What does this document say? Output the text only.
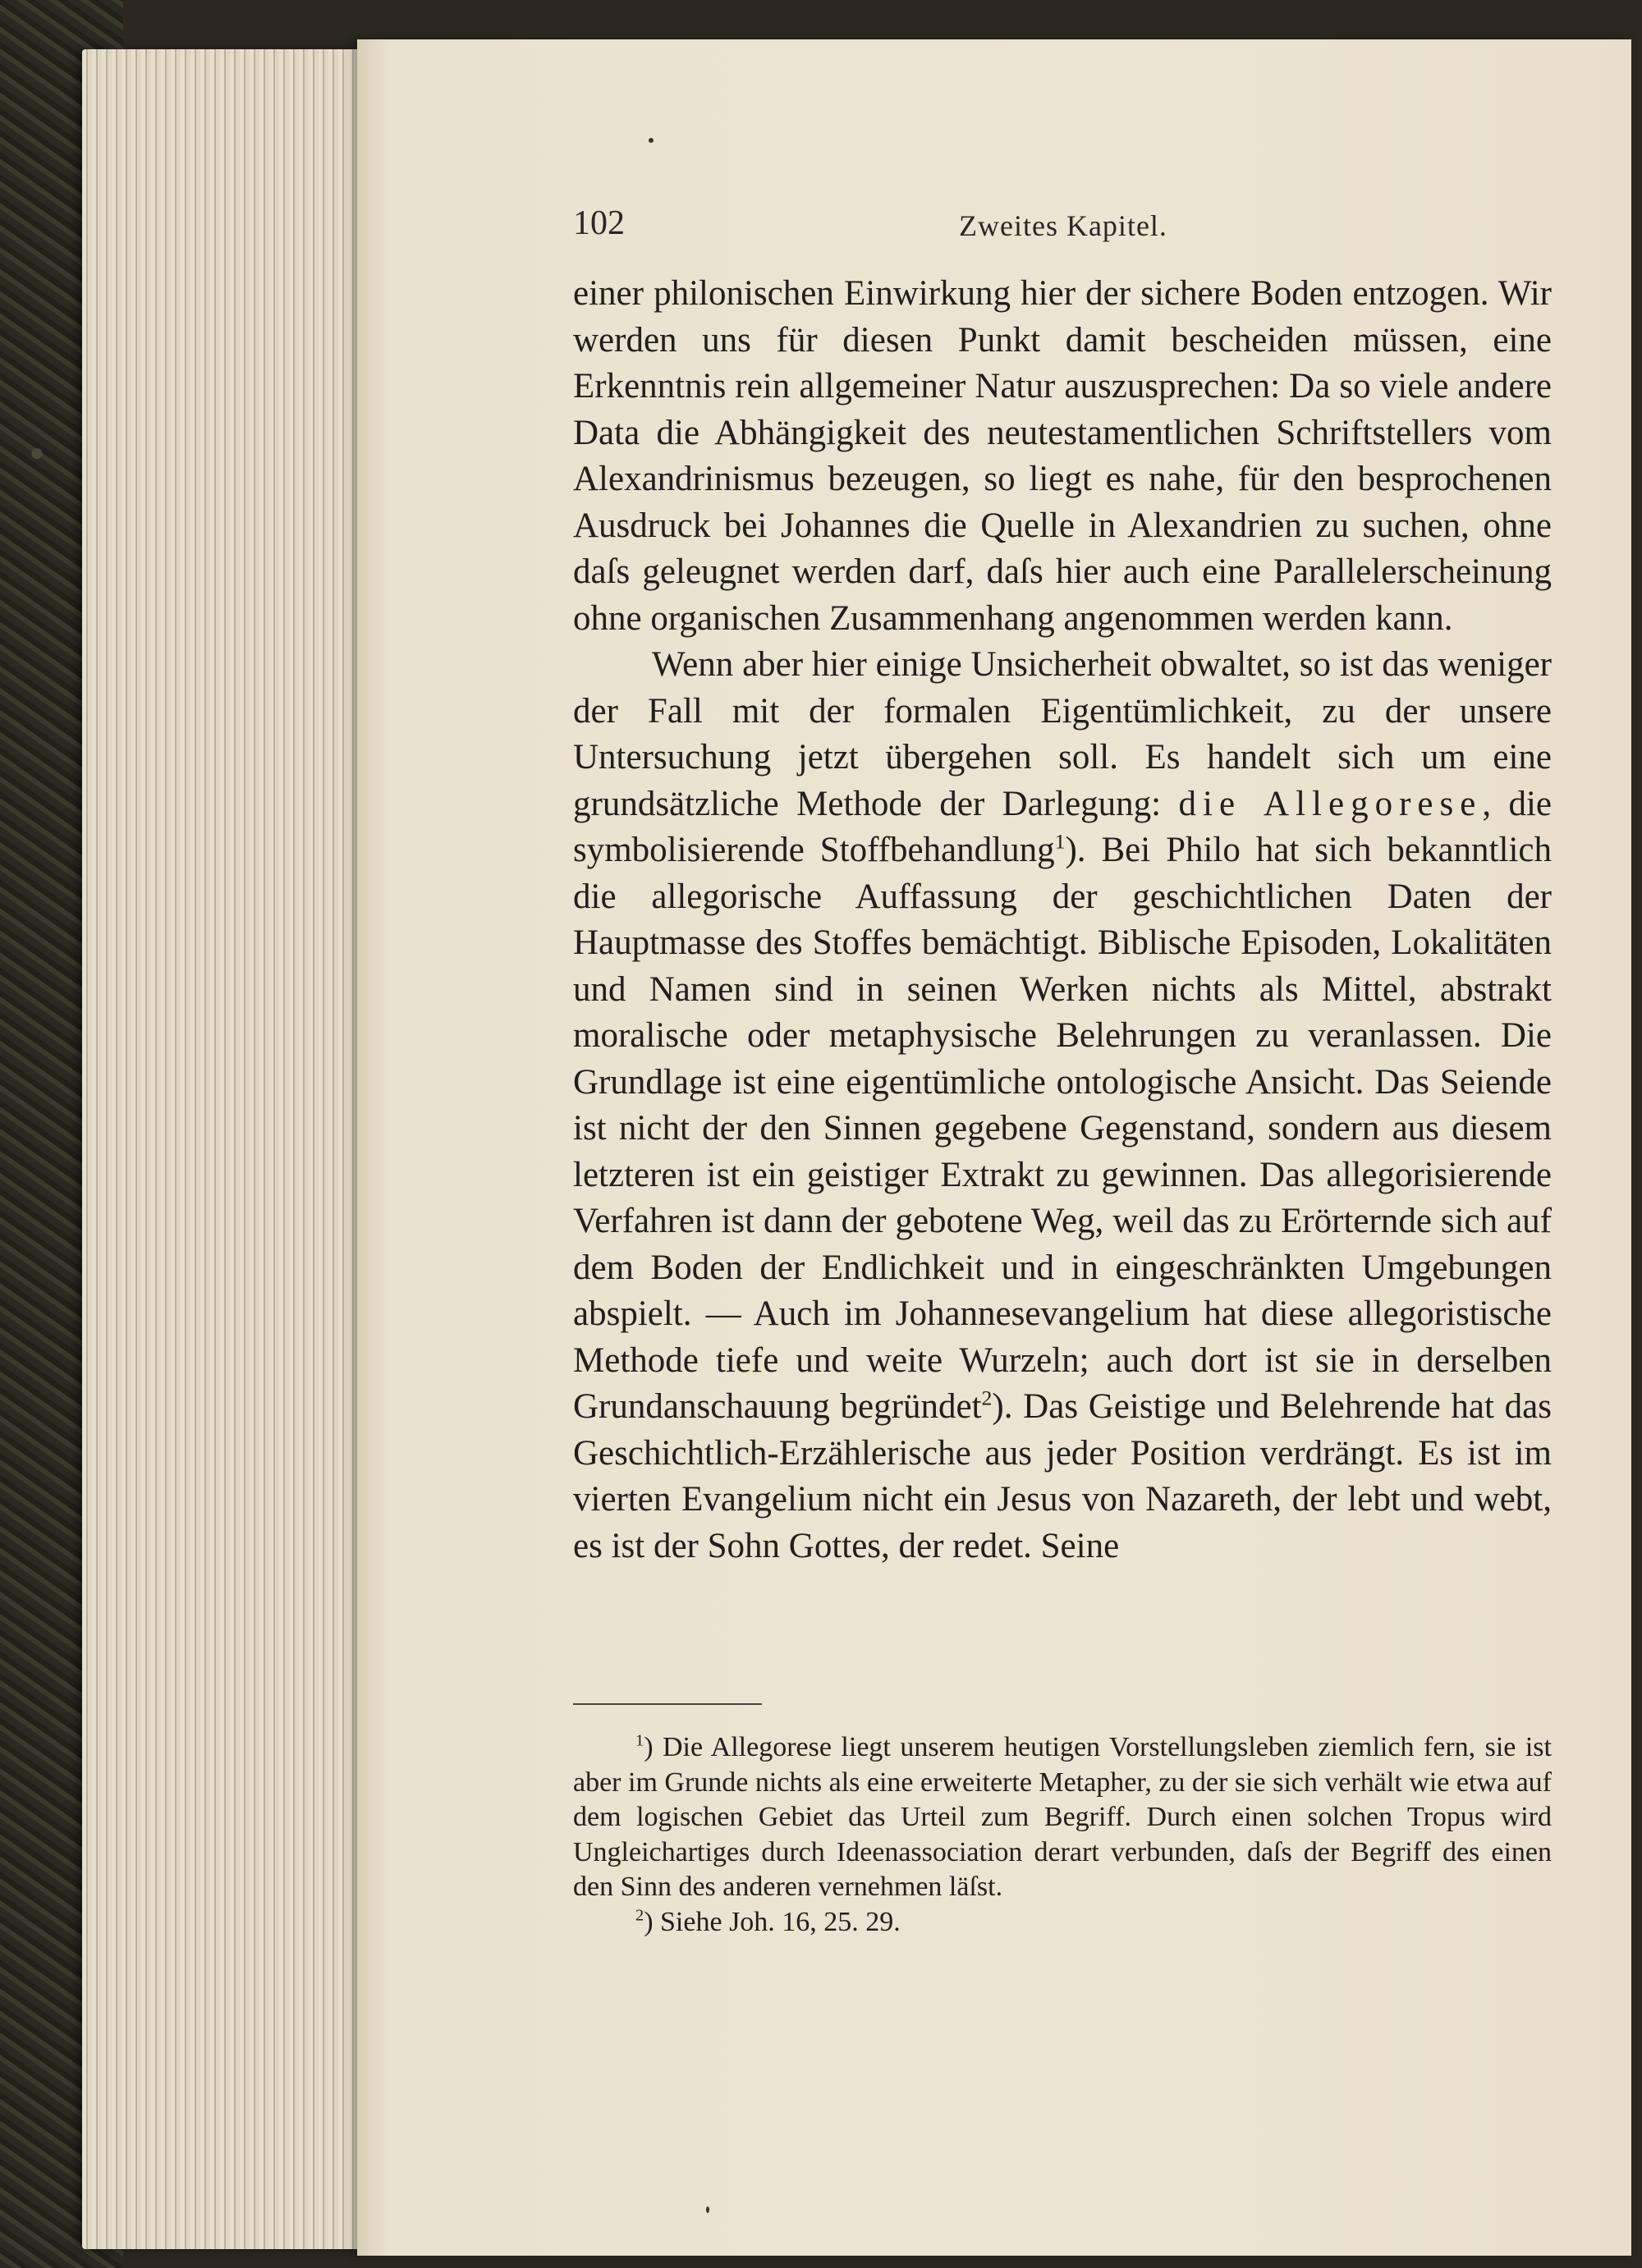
102	Zweites Kapitel.

einer philonischen Einwirkung hier der sichere Boden entzogen. Wir werden uns für diesen Punkt damit bescheiden müssen, eine Erkenntnis rein allgemeiner Natur auszusprechen: Da so viele andere Data die Abhängigkeit des neutestamentlichen Schriftstellers vom Alexandrinismus bezeugen, so liegt es nahe, für den besprochenen Ausdruck bei Johannes die Quelle in Alexandrien zu suchen, ohne daſs geleugnet werden darf, daſs hier auch eine Parallelerscheinung ohne organischen Zusammenhang angenommen werden kann.

Wenn aber hier einige Unsicherheit obwaltet, so ist das weniger der Fall mit der formalen Eigentümlichkeit, zu der unsere Untersuchung jetzt übergehen soll. Es handelt sich um eine grundsätzliche Methode der Darlegung: die Allegorese, die symbolisierende Stoffbehandlung$^1$). Bei Philo hat sich bekanntlich die allegorische Auffassung der geschichtlichen Daten der Hauptmasse des Stoffes bemächtigt. Biblische Episoden, Lokalitäten und Namen sind in seinen Werken nichts als Mittel, abstrakt moralische oder metaphysische Belehrungen zu veranlassen. Die Grundlage ist eine eigentümliche ontologische Ansicht. Das Seiende ist nicht der den Sinnen gegebene Gegenstand, sondern aus diesem letzteren ist ein geistiger Extrakt zu gewinnen. Das allegorisierende Verfahren ist dann der gebotene Weg, weil das zu Erörternde sich auf dem Boden der Endlichkeit und in eingeschränkten Umgebungen abspielt. — Auch im Johannesevangelium hat diese allegoristische Methode tiefe und weite Wurzeln; auch dort ist sie in derselben Grundanschauung begründet$^2$). Das Geistige und Belehrende hat das Geschichtlich-Erzählerische aus jeder Position verdrängt. Es ist im vierten Evangelium nicht ein Jesus von Nazareth, der lebt und webt, es ist der Sohn Gottes, der redet. Seine

$^1$) Die Allegorese liegt unserem heutigen Vorstellungsleben ziemlich fern, sie ist aber im Grunde nichts als eine erweiterte Metapher, zu der sie sich verhält wie etwa auf dem logischen Gebiet das Urteil zum Begriff. Durch einen solchen Tropus wird Ungleichartiges durch Ideenassociation derart verbunden, daſs der Begriff des einen den Sinn des anderen vernehmen läſst.

$^2$) Siehe Joh. 16, 25. 29.
